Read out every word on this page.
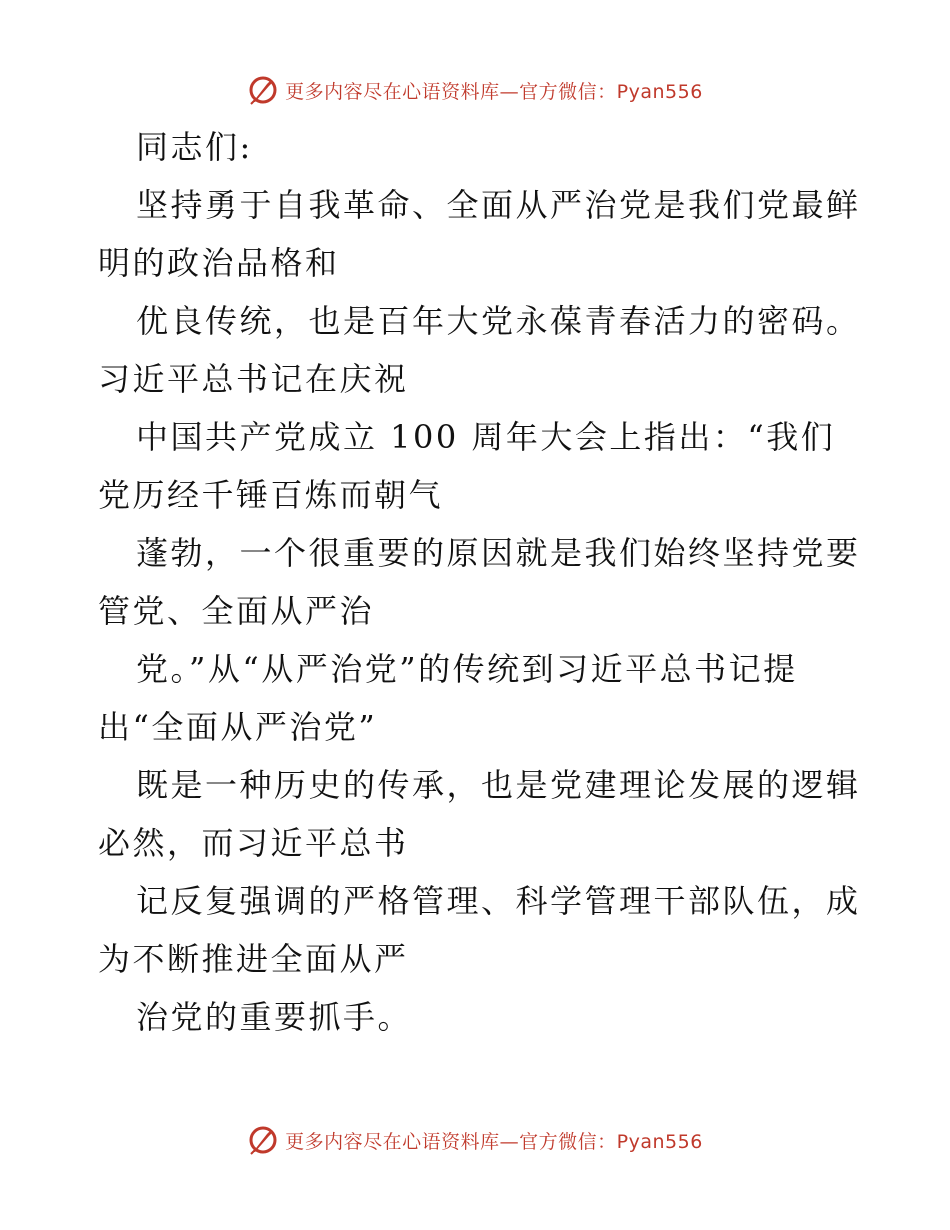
更多内容尽在心语资料库—官方微信：Pyan556
同志们:
坚持勇于自我革命、全面从严治党是我们党最鲜
明的政治品格和
优良传统，也是百年大党永葆青春活力的密码。
习近平总书记在庆祝
中国共产党成立 100 周年大会上指出：“我们
党历经千锤百炼而朝气
蓬勃，一个很重要的原因就是我们始终坚持党要
管党、全面从严治
党。”从“从严治党”的传统到习近平总书记提
出“全面从严治党”
既是一种历史的传承，也是党建理论发展的逻辑
必然，而习近平总书
记反复强调的严格管理、科学管理干部队伍，成
为不断推进全面从严
治党的重要抓手。
更多内容尽在心语资料库—官方微信：Pyan556
